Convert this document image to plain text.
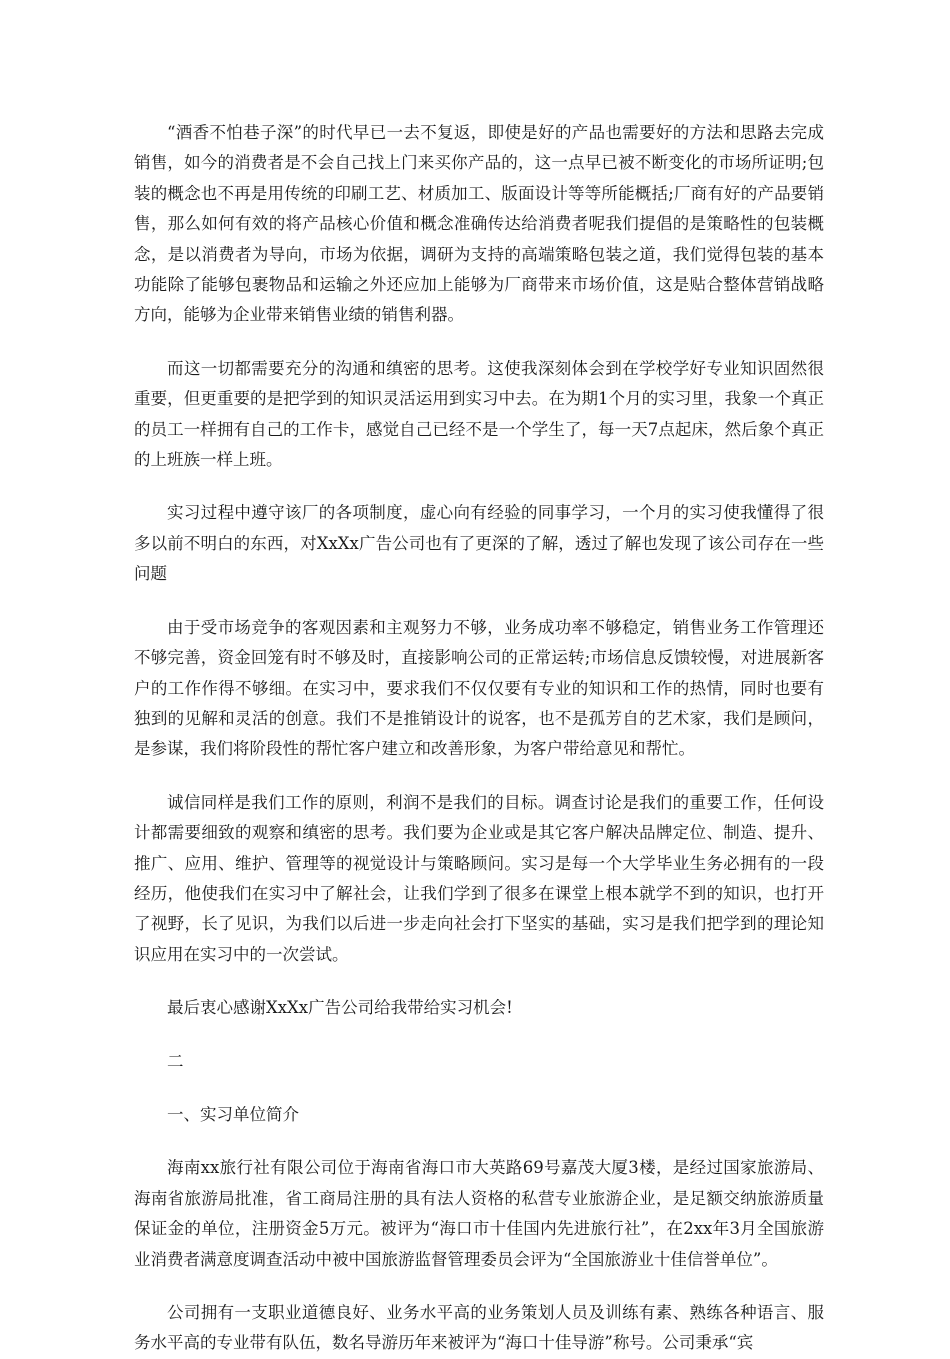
“酒香不怕巷子深”的时代早已一去不复返，即使是好的产品也需要好的方法和思路去完成销售，如今的消费者是不会自己找上门来买你产品的，这一点早已被不断变化的市场所证明;包装的概念也不再是用传统的印刷工艺、材质加工、版面设计等等所能概括;厂商有好的产品要销售，那么如何有效的将产品核心价值和概念准确传达给消费者呢我们提倡的是策略性的包装概念，是以消费者为导向，市场为依据，调研为支持的高端策略包装之道，我们觉得包装的基本功能除了能够包裹物品和运输之外还应加上能够为厂商带来市场价值，这是贴合整体营销战略方向，能够为企业带来销售业绩的销售利器。

而这一切都需要充分的沟通和缜密的思考。这使我深刻体会到在学校学好专业知识固然很重要，但更重要的是把学到的知识灵活运用到实习中去。在为期1个月的实习里，我象一个真正的员工一样拥有自己的工作卡，感觉自己已经不是一个学生了，每一天7点起床，然后象个真正的上班族一样上班。

实习过程中遵守该厂的各项制度，虚心向有经验的同事学习，一个月的实习使我懂得了很多以前不明白的东西，对XxXx广告公司也有了更深的了解，透过了解也发现了该公司存在一些问题

由于受市场竞争的客观因素和主观努力不够，业务成功率不够稳定，销售业务工作管理还不够完善，资金回笼有时不够及时，直接影响公司的正常运转;市场信息反馈较慢，对进展新客户的工作作得不够细。在实习中，要求我们不仅仅要有专业的知识和工作的热情，同时也要有独到的见解和灵活的创意。我们不是推销设计的说客，也不是孤芳自的艺术家，我们是顾问，是参谋，我们将阶段性的帮忙客户建立和改善形象，为客户带给意见和帮忙。

诚信同样是我们工作的原则，利润不是我们的目标。调查讨论是我们的重要工作，任何设计都需要细致的观察和缜密的思考。我们要为企业或是其它客户解决品牌定位、制造、提升、推广、应用、维护、管理等的视觉设计与策略顾问。实习是每一个大学毕业生务必拥有的一段经历，他使我们在实习中了解社会，让我们学到了很多在课堂上根本就学不到的知识，也打开了视野，长了见识，为我们以后进一步走向社会打下坚实的基础，实习是我们把学到的理论知识应用在实习中的一次尝试。

最后衷心感谢XxXx广告公司给我带给实习机会!

二

一、实习单位简介

海南xx旅行社有限公司位于海南省海口市大英路69号嘉茂大厦3楼，是经过国家旅游局、海南省旅游局批准，省工商局注册的具有法人资格的私营专业旅游企业，是足额交纳旅游质量保证金的单位，注册资金5万元。被评为“海口市十佳国内先进旅行社”，在2xx年3月全国旅游业消费者满意度调查活动中被中国旅游监督管理委员会评为“全国旅游业十佳信誉单位”。

公司拥有一支职业道德良好、业务水平高的业务策划人员及训练有素、熟练各种语言、服务水平高的专业带有队伍，数名导游历年来被评为“海口十佳导游”称号。公司秉承“宾
